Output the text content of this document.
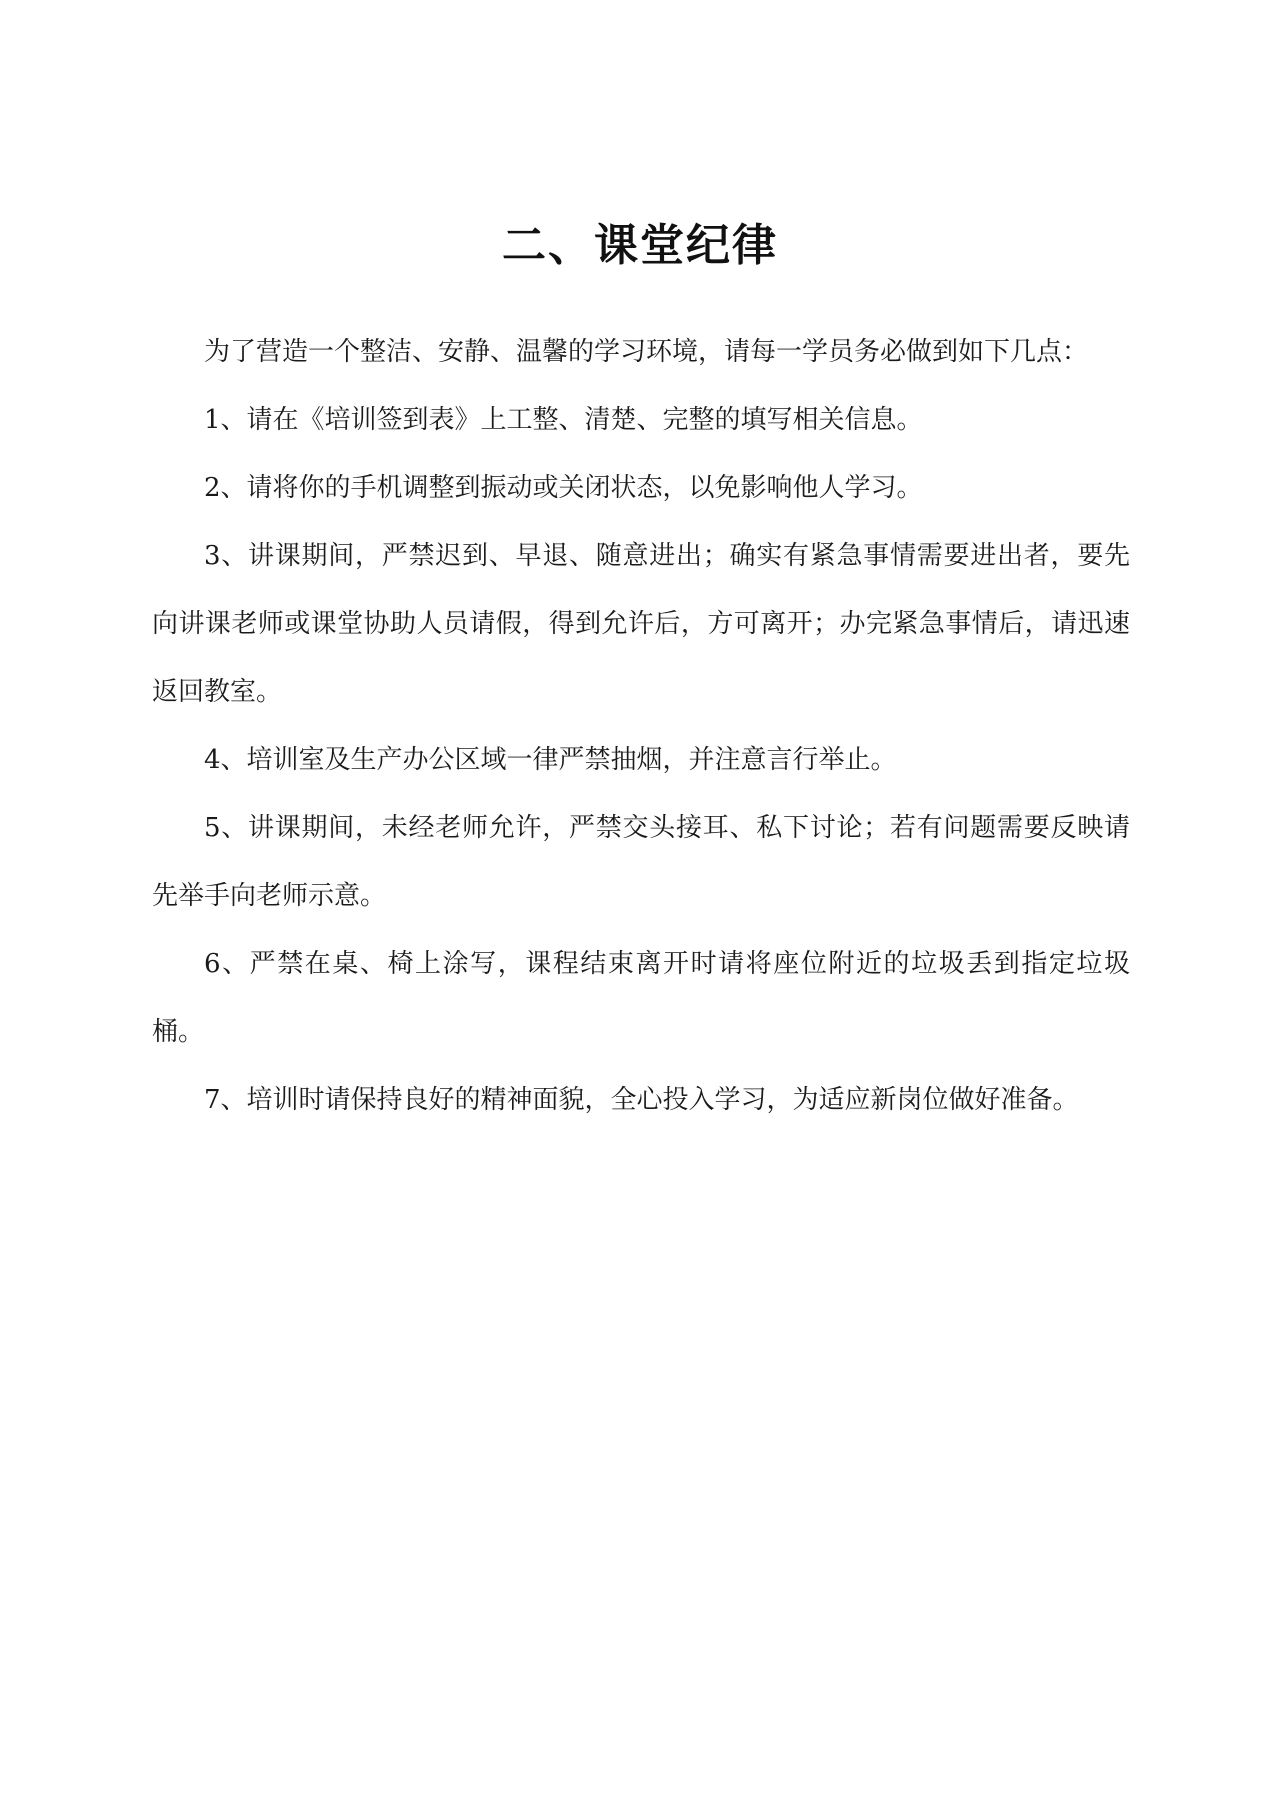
二、课堂纪律

为了营造一个整洁、安静、温馨的学习环境，请每一学员务必做到如下几点：

1、请在《培训签到表》上工整、清楚、完整的填写相关信息。

2、请将你的手机调整到振动或关闭状态，以免影响他人学习。

3、讲课期间，严禁迟到、早退、随意进出；确实有紧急事情需要进出者，要先向讲课老师或课堂协助人员请假，得到允许后，方可离开；办完紧急事情后，请迅速返回教室。

4、培训室及生产办公区域一律严禁抽烟，并注意言行举止。

5、讲课期间，未经老师允许，严禁交头接耳、私下讨论；若有问题需要反映请先举手向老师示意。

6、严禁在桌、椅上涂写，课程结束离开时请将座位附近的垃圾丢到指定垃圾桶。

7、培训时请保持良好的精神面貌，全心投入学习，为适应新岗位做好准备。
